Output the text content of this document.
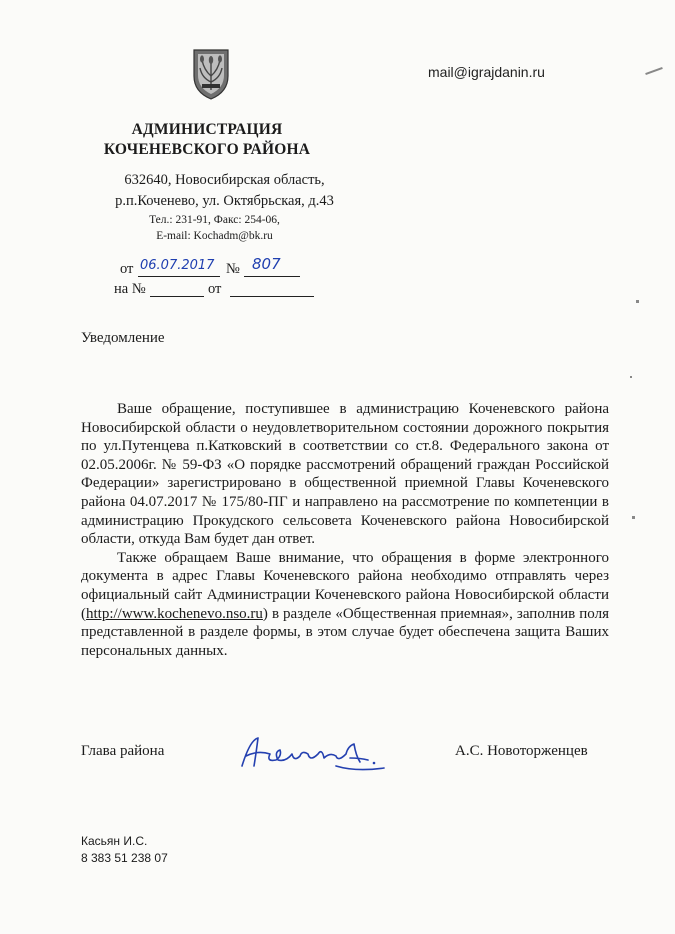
mail@igrajdanin.ru
АДМИНИСТРАЦИЯ
КОЧЕНЕВСКОГО РАЙОНА
632640, Новосибирская область,
р.п.Коченево, ул. Октябрьская, д.43
Тел.: 231-91, Факс: 254-06,
E-mail: Kochadm@bk.ru
от 06.07.2017 № 807
на №	от
Уведомление

Ваше обращение, поступившее в администрацию Коченевского района Новосибирской области о неудовлетворительном состоянии дорожного покрытия по ул.Путенцева п.Катковский в соответствии со ст.8. Федерального закона от 02.05.2006г. № 59-ФЗ «О порядке рассмотрений обращений граждан Российской Федерации» зарегистрировано в общественной приемной Главы Коченевского района 04.07.2017 № 175/80-ПГ и направлено на рассмотрение по компетенции в администрацию Прокудского сельсовета Коченевского района Новосибирской области, откуда Вам будет дан ответ.

Также обращаем Ваше внимание, что обращения в форме электронного документа в адрес Главы Коченевского района необходимо отправлять через официальный сайт Администрации Коченевского района Новосибирской области (http://www.kochenevo.nso.ru) в разделе «Общественная приемная», заполнив поля представленной в разделе формы, в этом случае будет обеспечена защита Ваших персональных данных.

Глава района	А.С. Новоторженцев
Касьян И.С.
8 383 51 238 07
